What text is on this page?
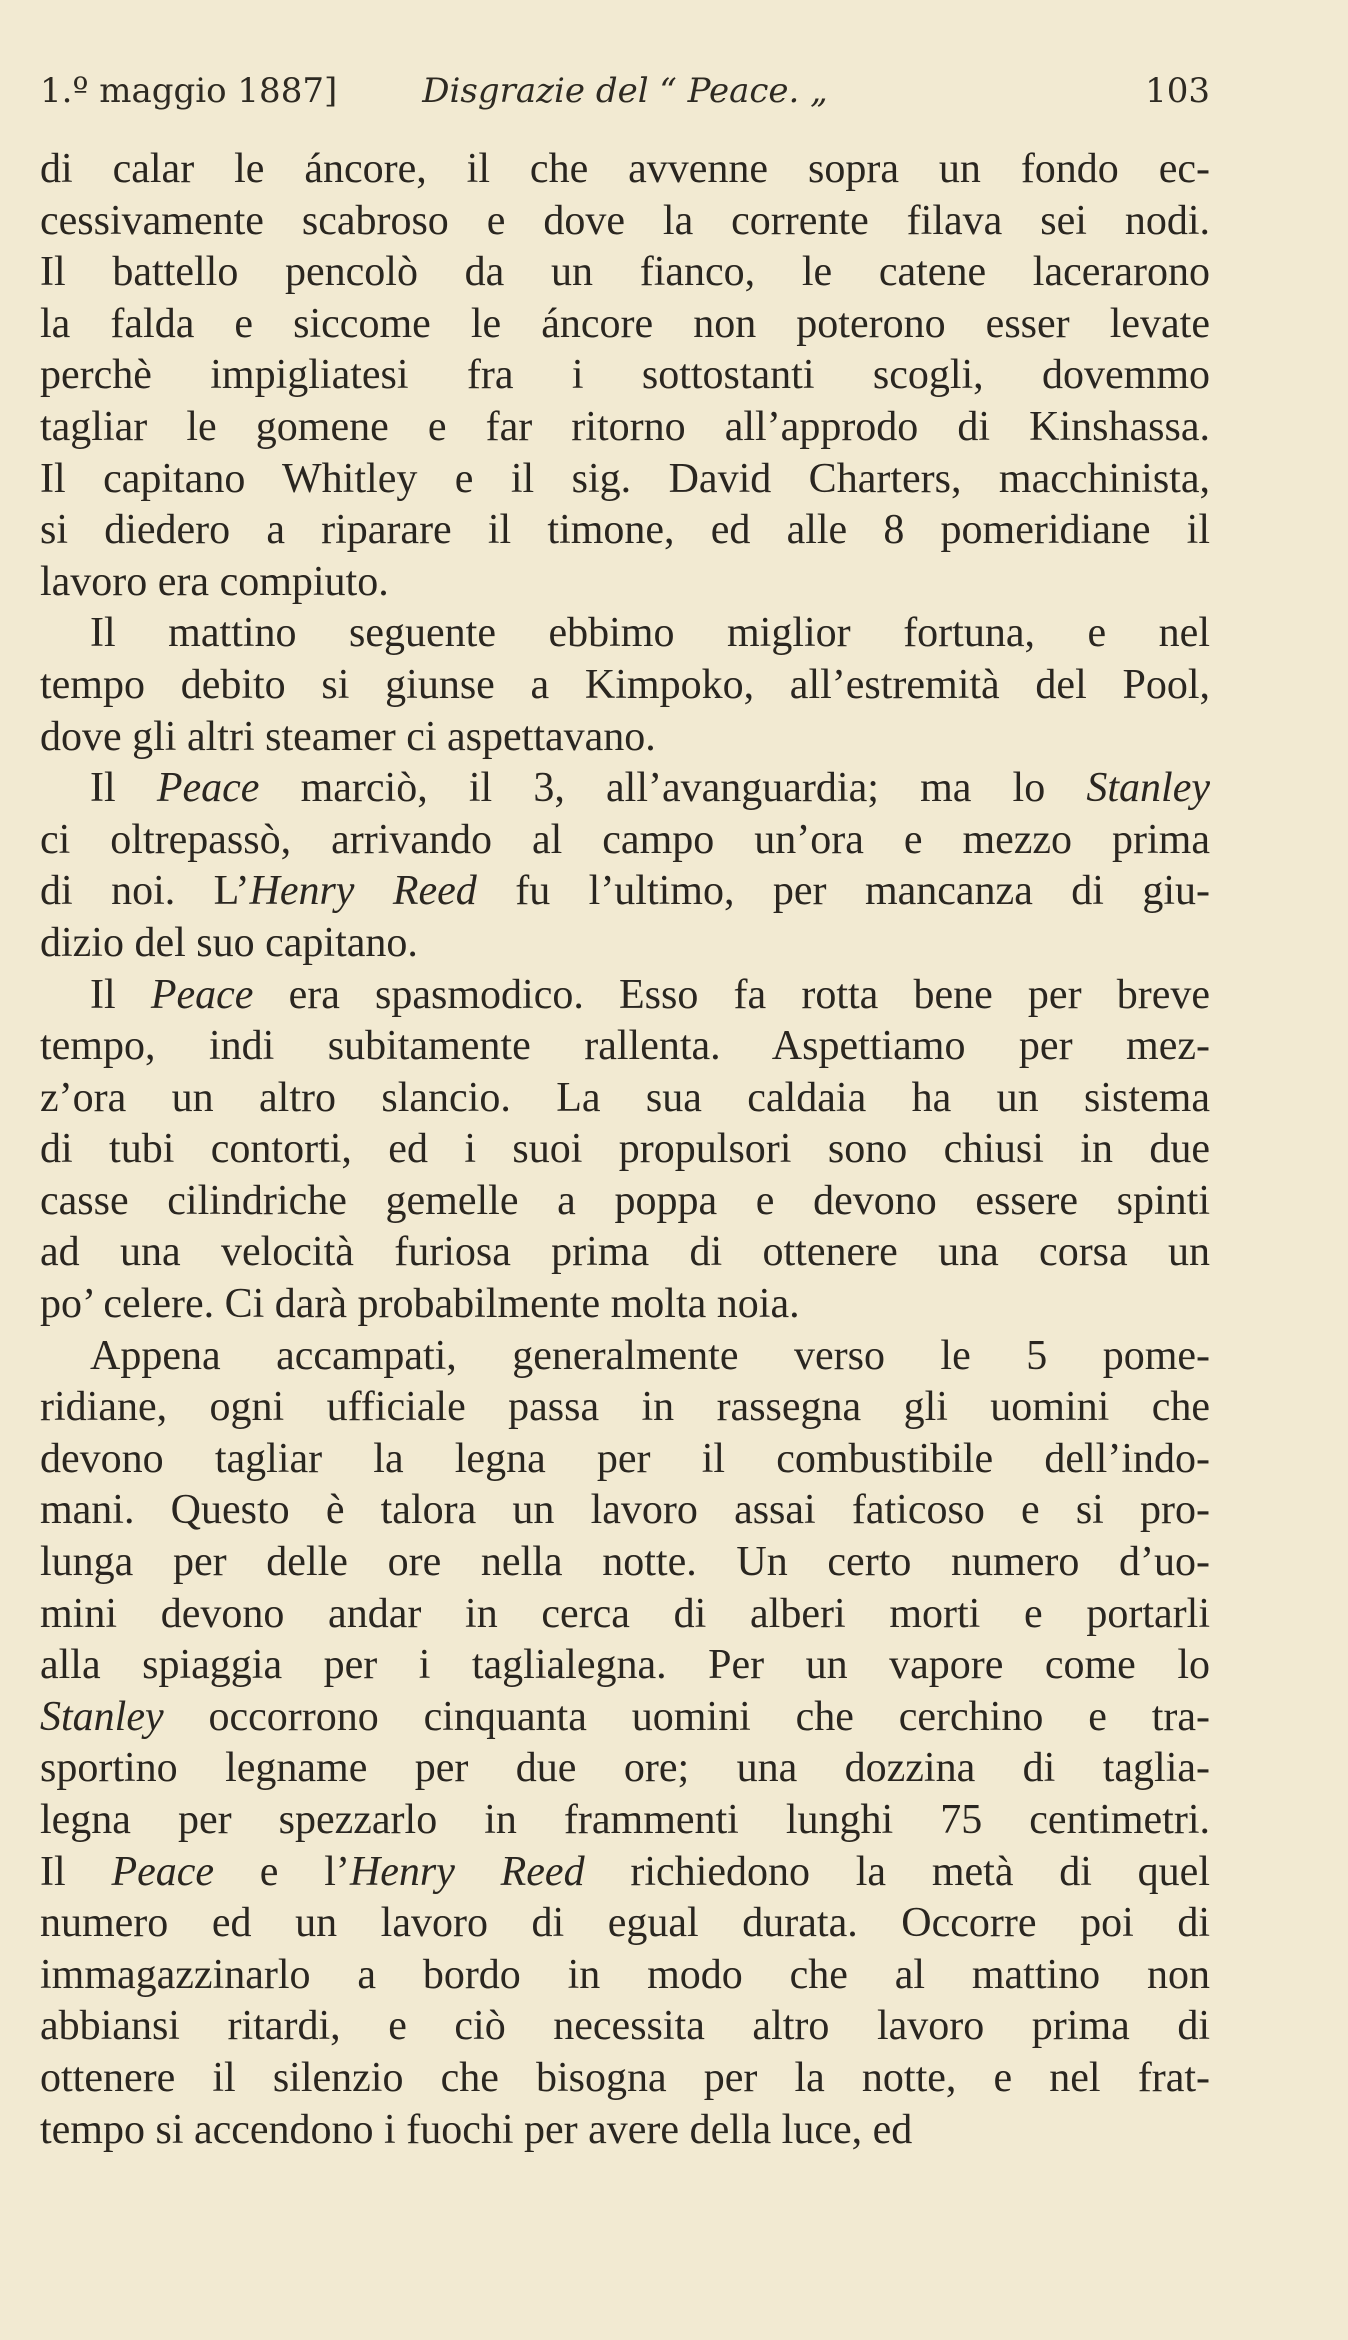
1.º maggio 1887]	Disgrazie del “ Peace. „	103
di calar le áncore, il che avvenne sopra un fondo ec-
cessivamente scabroso e dove la corrente filava sei nodi.
Il battello pencolò da un fianco, le catene lacerarono
la falda e siccome le áncore non poterono esser levate
perchè impigliatesi fra i sottostanti scogli, dovemmo
tagliar le gomene e far ritorno all’approdo di Kinshassa.
Il capitano Whitley e il sig. David Charters, macchinista,
si diedero a riparare il timone, ed alle 8 pomeridiane il
lavoro era compiuto.
Il mattino seguente ebbimo miglior fortuna, e nel
tempo debito si giunse a Kimpoko, all’estremità del Pool,
dove gli altri steamer ci aspettavano.
Il Peace marciò, il 3, all’avanguardia; ma lo Stanley
ci oltrepassò, arrivando al campo un’ora e mezzo prima
di noi. L’Henry Reed fu l’ultimo, per mancanza di giu-
dizio del suo capitano.
Il Peace era spasmodico. Esso fa rotta bene per breve
tempo, indi subitamente rallenta. Aspettiamo per mez-
z’ora un altro slancio. La sua caldaia ha un sistema
di tubi contorti, ed i suoi propulsori sono chiusi in due
casse cilindriche gemelle a poppa e devono essere spinti
ad una velocità furiosa prima di ottenere una corsa un
po’ celere. Ci darà probabilmente molta noia.
Appena accampati, generalmente verso le 5 pome-
ridiane, ogni ufficiale passa in rassegna gli uomini che
devono tagliar la legna per il combustibile dell’indo-
mani. Questo è talora un lavoro assai faticoso e si pro-
lunga per delle ore nella notte. Un certo numero d’uo-
mini devono andar in cerca di alberi morti e portarli
alla spiaggia per i taglialegna. Per un vapore come lo
Stanley occorrono cinquanta uomini che cerchino e tra-
sportino legname per due ore; una dozzina di taglia-
legna per spezzarlo in frammenti lunghi 75 centimetri.
Il Peace e l’Henry Reed richiedono la metà di quel
numero ed un lavoro di egual durata. Occorre poi di
immagazzinarlo a bordo in modo che al mattino non
abbiansi ritardi, e ciò necessita altro lavoro prima di
ottenere il silenzio che bisogna per la notte, e nel frat-
tempo si accendono i fuochi per avere della luce, ed
